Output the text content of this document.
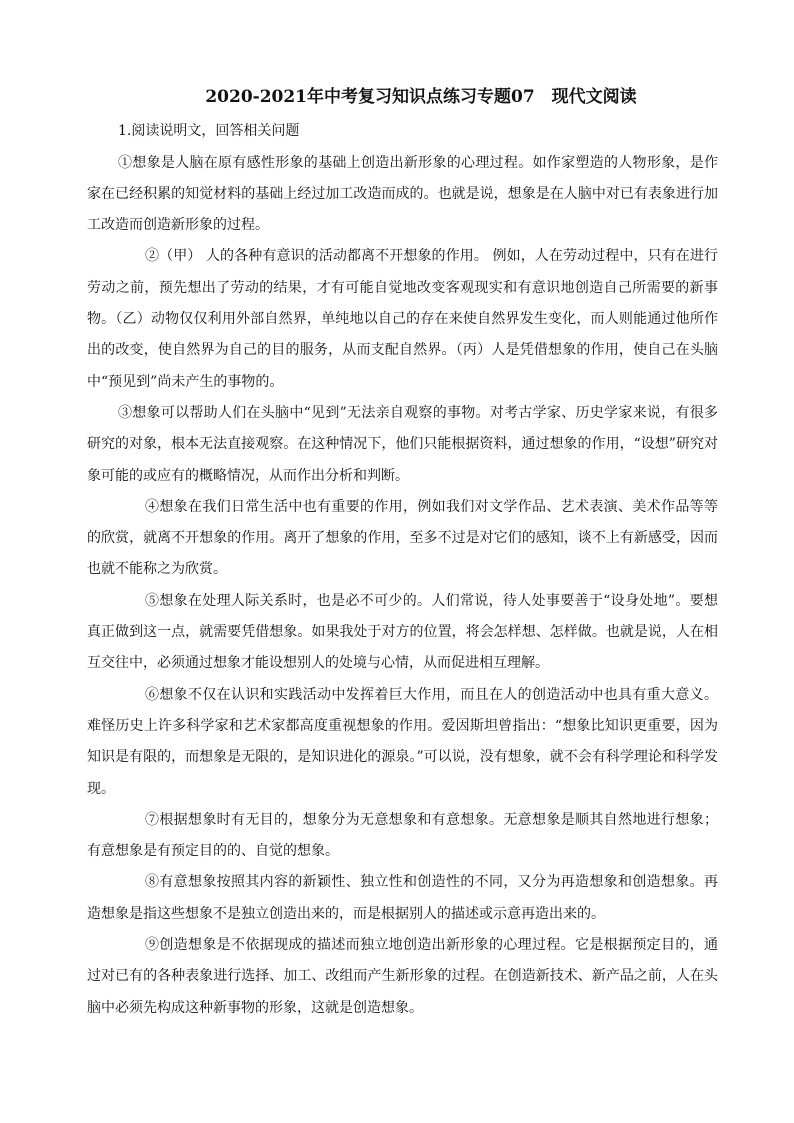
2020-2021年中考复习知识点练习专题07　现代文阅读

1.阅读说明文，回答相关问题

①想象是人脑在原有感性形象的基础上创造出新形象的心理过程。如作家塑造的人物形象，是作家在已经积累的知觉材料的基础上经过加工改造而成的。也就是说，想象是在人脑中对已有表象进行加工改造而创造新形象的过程。

②（甲） 人的各种有意识的活动都离不开想象的作用。 例如，人在劳动过程中，只有在进行劳动之前，预先想出了劳动的结果，才有可能自觉地改变客观现实和有意识地创造自己所需要的新事物。（乙）动物仅仅利用外部自然界，单纯地以自己的存在来使自然界发生变化，而人则能通过他所作出的改变，使自然界为自己的目的服务，从而支配自然界。（丙）人是凭借想象的作用，使自己在头脑中“预见到”尚未产生的事物的。

③想象可以帮助人们在头脑中“见到”无法亲自观察的事物。对考古学家、历史学家来说，有很多研究的对象，根本无法直接观察。在这种情况下，他们只能根据资料，通过想象的作用，“设想”研究对象可能的或应有的概略情况，从而作出分析和判断。

④想象在我们日常生活中也有重要的作用，例如我们对文学作品、艺术表演、美术作品等等的欣赏，就离不开想象的作用。离开了想象的作用，至多不过是对它们的感知，谈不上有新感受，因而也就不能称之为欣赏。

⑤想象在处理人际关系时，也是必不可少的。人们常说，待人处事要善于“设身处地”。要想真正做到这一点，就需要凭借想象。如果我处于对方的位置，将会怎样想、怎样做。也就是说，人在相互交往中，必须通过想象才能设想别人的处境与心情，从而促进相互理解。

⑥想象不仅在认识和实践活动中发挥着巨大作用，而且在人的创造活动中也具有重大意义。难怪历史上许多科学家和艺术家都高度重视想象的作用。爱因斯坦曾指出：“想象比知识更重要，因为知识是有限的，而想象是无限的，是知识进化的源泉。”可以说，没有想象，就不会有科学理论和科学发现。

⑦根据想象时有无目的，想象分为无意想象和有意想象。无意想象是顺其自然地进行想象；有意想象是有预定目的的、自觉的想象。

⑧有意想象按照其内容的新颖性、独立性和创造性的不同，又分为再造想象和创造想象。再造想象是指这些想象不是独立创造出来的，而是根据别人的描述或示意再造出来的。

⑨创造想象是不依据现成的描述而独立地创造出新形象的心理过程。它是根据预定目的，通过对已有的各种表象进行选择、加工、改组而产生新形象的过程。在创造新技术、新产品之前，人在头脑中必须先构成这种新事物的形象，这就是创造想象。
